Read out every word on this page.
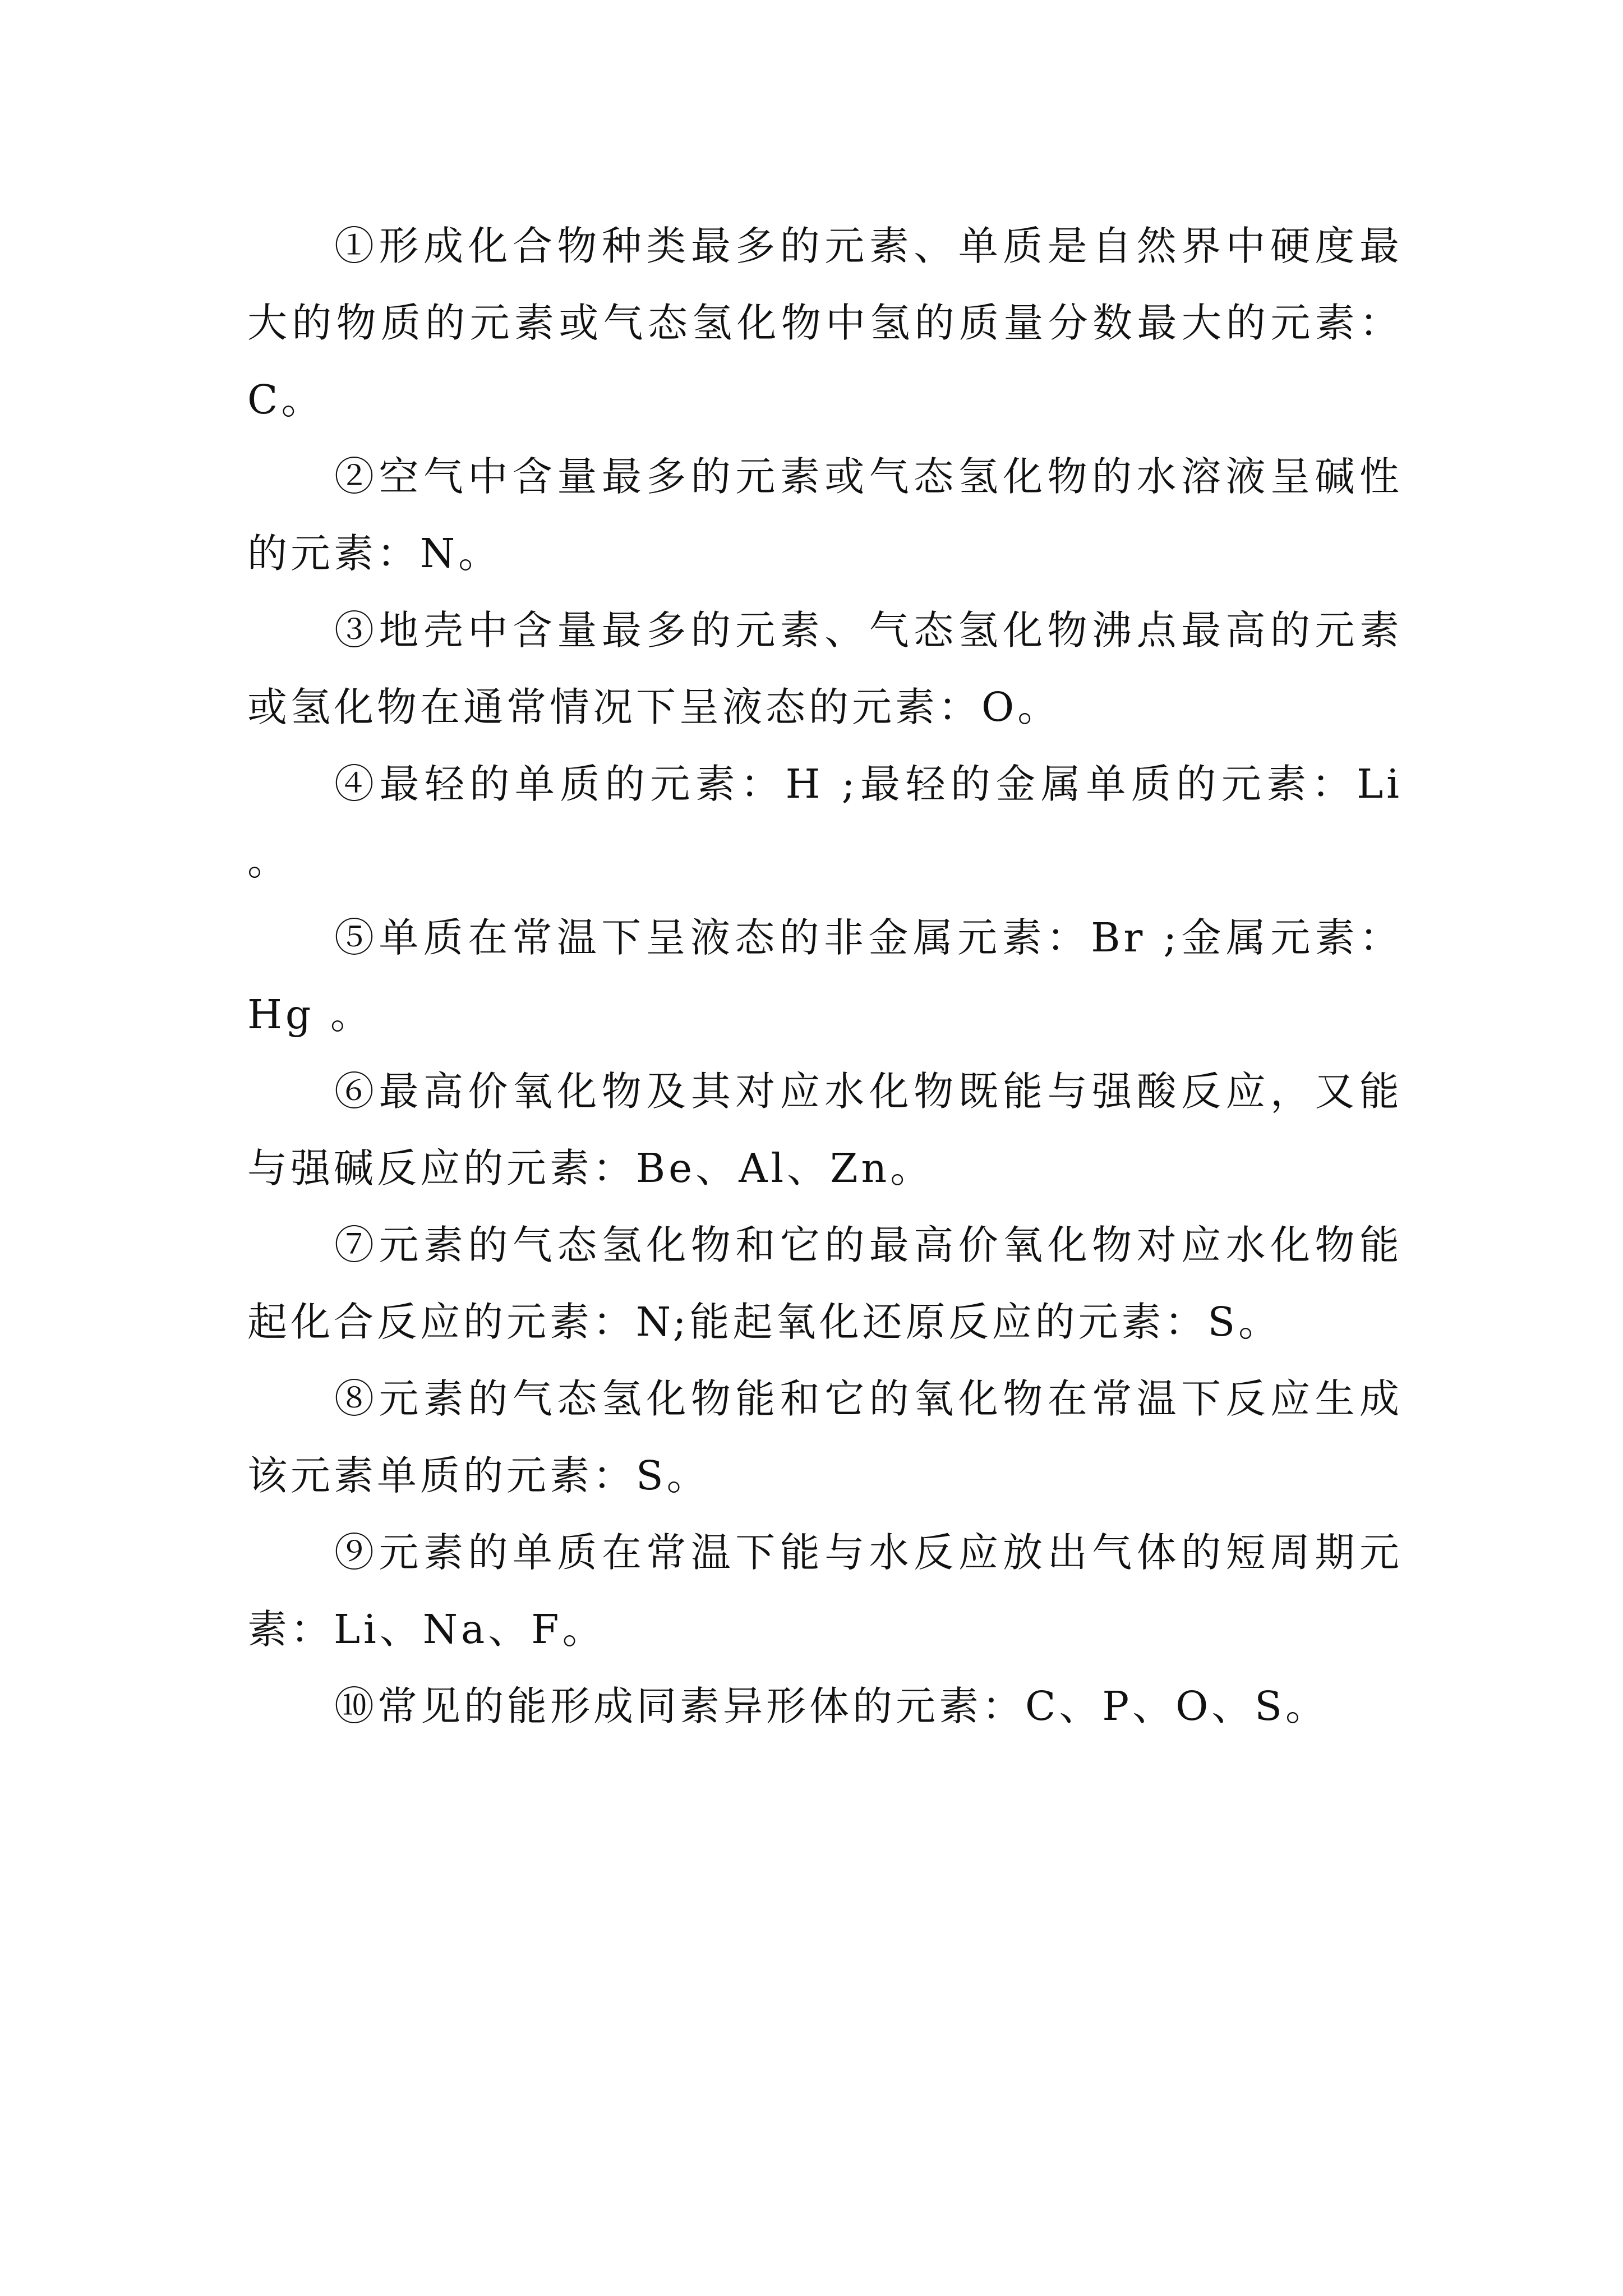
①形成化合物种类最多的元素、单质是自然界中硬度最大的物质的元素或气态氢化物中氢的质量分数最大的元素：C。

②空气中含量最多的元素或气态氢化物的水溶液呈碱性的元素：N。

③地壳中含量最多的元素、气态氢化物沸点最高的元素或氢化物在通常情况下呈液态的元素：O。

④最轻的单质的元素：H ;最轻的金属单质的元素：Li 。

⑤单质在常温下呈液态的非金属元素：Br ;金属元素：Hg 。

⑥最高价氧化物及其对应水化物既能与强酸反应，又能与强碱反应的元素：Be、Al、Zn。

⑦元素的气态氢化物和它的最高价氧化物对应水化物能起化合反应的元素：N;能起氧化还原反应的元素：S。

⑧元素的气态氢化物能和它的氧化物在常温下反应生成该元素单质的元素：S。

⑨元素的单质在常温下能与水反应放出气体的短周期元素：Li、Na、F。

⑩常见的能形成同素异形体的元素：C、P、O、S。
